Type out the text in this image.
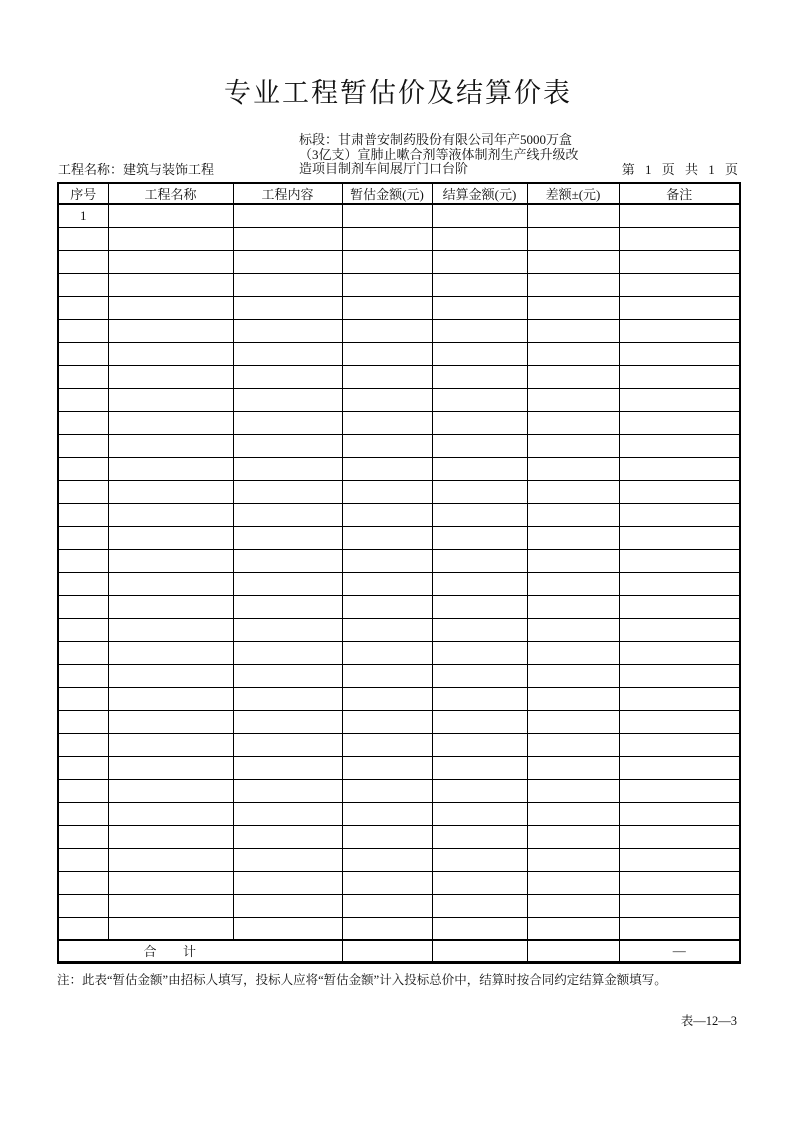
专业工程暂估价及结算价表
标段：甘肃普安制药股份有限公司年产5000万盒
（3亿支）宣肺止嗽合剂等液体制剂生产线升级改
造项目制剂车间展厅门口台阶
工程名称：建筑与装饰工程	第 1 页 共 1 页
序号	工程名称	工程内容	暂估金额(元)	结算金额(元)	差额±(元)	备注
1						

合      计						—
注：此表“暂估金额”由招标人填写，投标人应将“暂估金额”计入投标总价中，结算时按合同约定结算金额填写。
表—12—3
